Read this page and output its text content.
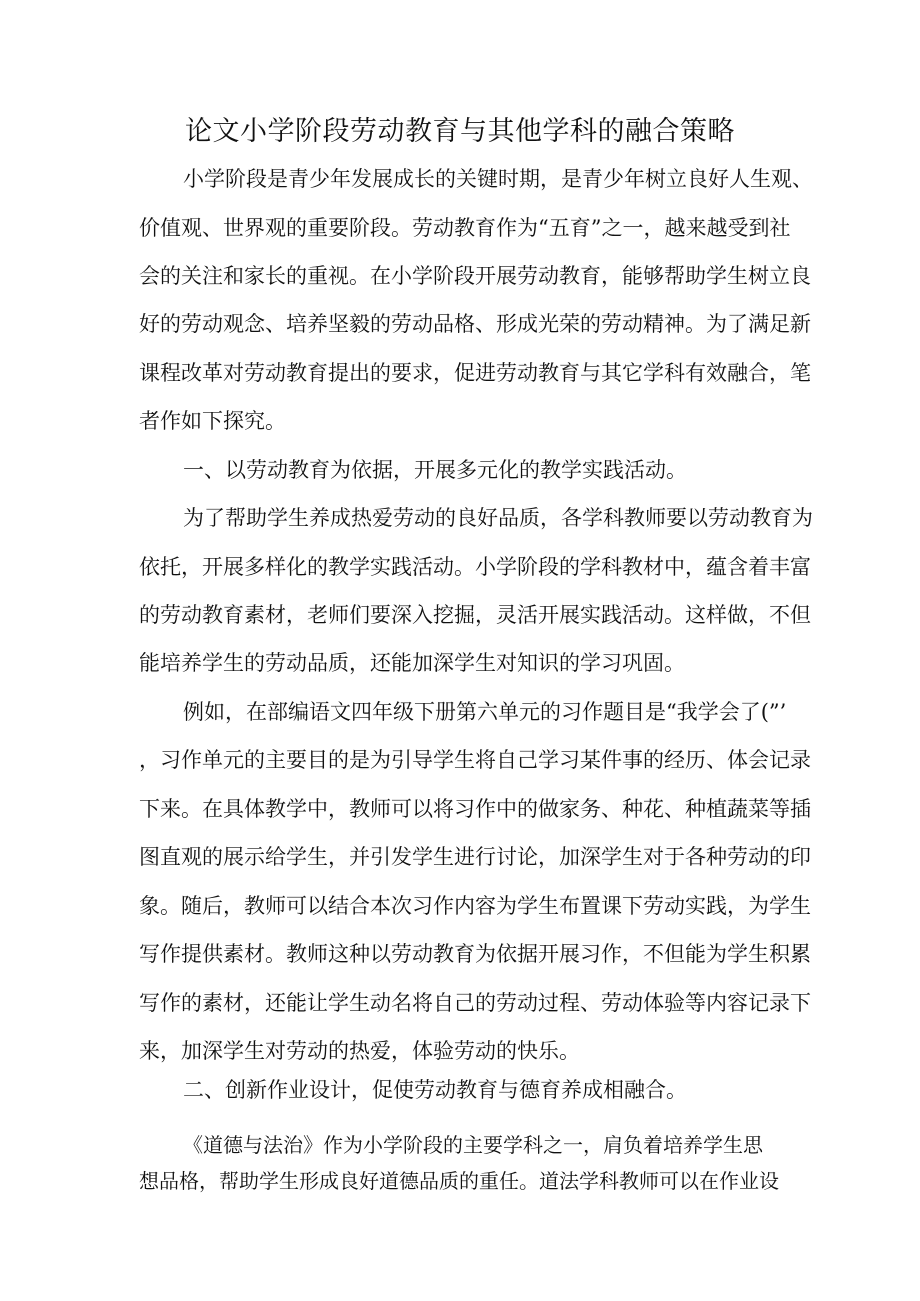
论文小学阶段劳动教育与其他学科的融合策略

小学阶段是青少年发展成长的关键时期，是青少年树立良好人生观、

价值观、世界观的重要阶段。劳动教育作为“五育”之一，越来越受到社

会的关注和家长的重视。在小学阶段开展劳动教育，能够帮助学生树立良

好的劳动观念、培养坚毅的劳动品格、形成光荣的劳动精神。为了满足新

课程改革对劳动教育提出的要求，促进劳动教育与其它学科有效融合，笔

者作如下探究。

一、以劳动教育为依据，开展多元化的教学实践活动。

为了帮助学生养成热爱劳动的良好品质，各学科教师要以劳动教育为

依托，开展多样化的教学实践活动。小学阶段的学科教材中，蕴含着丰富

的劳动教育素材，老师们要深入挖掘，灵活开展实践活动。这样做，不但

能培养学生的劳动品质，还能加深学生对知识的学习巩固。

例如，在部编语文四年级下册第六单元的习作题目是“我学会了(”’

，习作单元的主要目的是为引导学生将自己学习某件事的经历、体会记录

下来。在具体教学中，教师可以将习作中的做家务、种花、种植蔬菜等插

图直观的展示给学生，并引发学生进行讨论，加深学生对于各种劳动的印

象。随后，教师可以结合本次习作内容为学生布置课下劳动实践，为学生

写作提供素材。教师这种以劳动教育为依据开展习作，不但能为学生积累

写作的素材，还能让学生动名将自己的劳动过程、劳动体验等内容记录下

来，加深学生对劳动的热爱，体验劳动的快乐。

二、创新作业设计，促使劳动教育与德育养成相融合。

《道德与法治》作为小学阶段的主要学科之一，肩负着培养学生思

想品格，帮助学生形成良好道德品质的重任。道法学科教师可以在作业设
